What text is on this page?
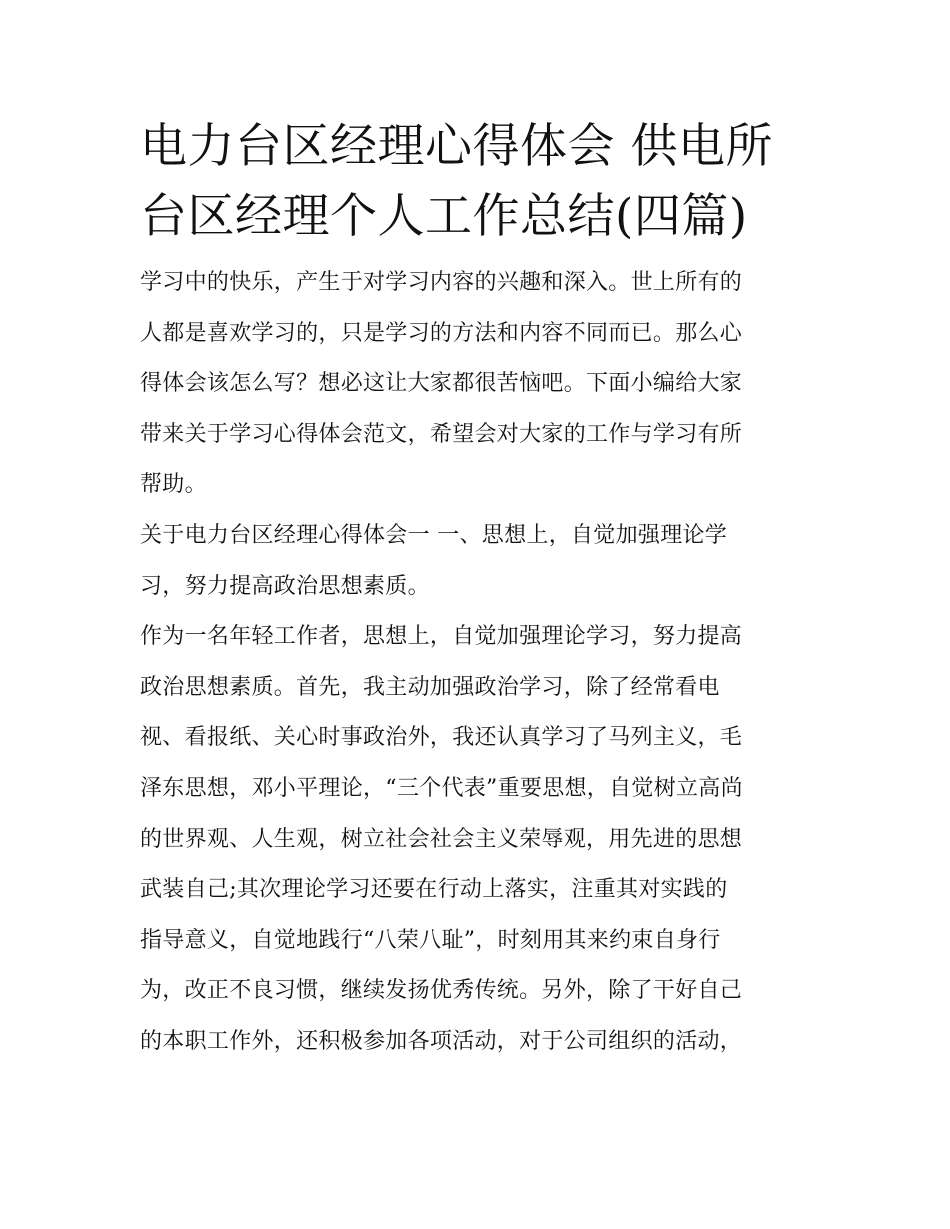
电力台区经理心得体会 供电所
台区经理个人工作总结(四篇)

学习中的快乐，产生于对学习内容的兴趣和深入。世上所有的
人都是喜欢学习的，只是学习的方法和内容不同而已。那么心
得体会该怎么写？想必这让大家都很苦恼吧。下面小编给大家
带来关于学习心得体会范文，希望会对大家的工作与学习有所
帮助。

关于电力台区经理心得体会一 一、思想上，自觉加强理论学
习，努力提高政治思想素质。

作为一名年轻工作者，思想上，自觉加强理论学习，努力提高
政治思想素质。首先，我主动加强政治学习，除了经常看电
视、看报纸、关心时事政治外，我还认真学习了马列主义，毛
泽东思想，邓小平理论，“三个代表”重要思想，自觉树立高尚
的世界观、人生观，树立社会社会主义荣辱观，用先进的思想
武装自己;其次理论学习还要在行动上落实，注重其对实践的
指导意义，自觉地践行“八荣八耻”，时刻用其来约束自身行
为，改正不良习惯，继续发扬优秀传统。另外，除了干好自己
的本职工作外，还积极参加各项活动，对于公司组织的活动，
